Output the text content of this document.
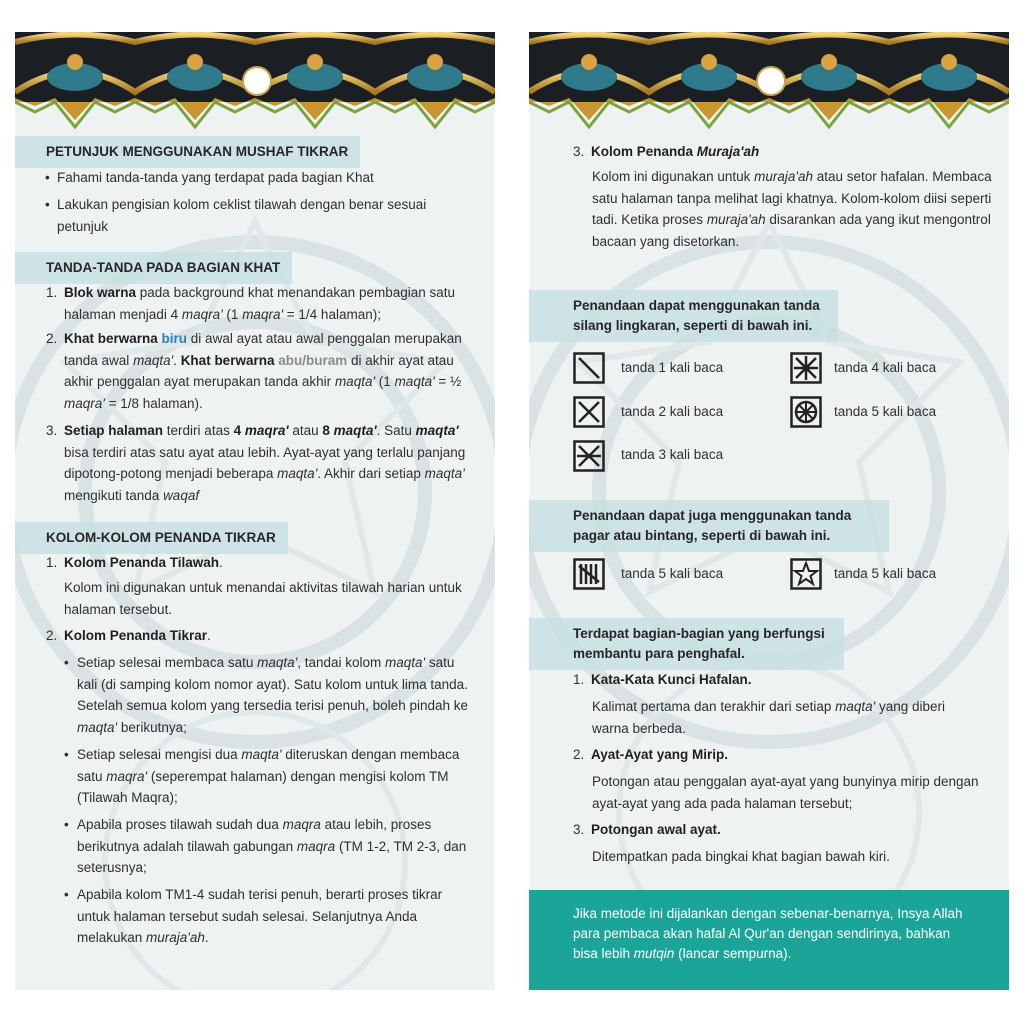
PETUNJUK MENGGUNAKAN MUSHAF TIKRAR
• Fahami tanda-tanda yang terdapat pada bagian Khat
• Lakukan pengisian kolom ceklist tilawah dengan benar sesuai petunjuk
TANDA-TANDA PADA BAGIAN KHAT
1. Blok warna pada background khat menandakan pembagian satu halaman menjadi 4 maqra' (1 maqra' = 1/4 halaman);
2. Khat berwarna biru di awal ayat atau awal penggalan merupakan tanda awal maqta'. Khat berwarna abu/buram di akhir ayat atau akhir penggalan ayat merupakan tanda akhir maqta' (1 maqta' = ½ maqra' = 1/8 halaman).
3. Setiap halaman terdiri atas 4 maqra' atau 8 maqta'. Satu maqta' bisa terdiri atas satu ayat atau lebih. Ayat-ayat yang terlalu panjang dipotong-potong menjadi beberapa maqta'. Akhir dari setiap maqta' mengikuti tanda waqaf
KOLOM-KOLOM PENANDA TIKRAR
1. Kolom Penanda Tilawah.
Kolom ini digunakan untuk menandai aktivitas tilawah harian untuk halaman tersebut.
2. Kolom Penanda Tikrar.
• Setiap selesai membaca satu maqta', tandai kolom maqta' satu kali (di samping kolom nomor ayat). Satu kolom untuk lima tanda. Setelah semua kolom yang tersedia terisi penuh, boleh pindah ke maqta' berikutnya;
• Setiap selesai mengisi dua maqta' diteruskan dengan membaca satu maqra' (seperempat halaman) dengan mengisi kolom TM (Tilawah Maqra);
• Apabila proses tilawah sudah dua maqra atau lebih, proses berikutnya adalah tilawah gabungan maqra (TM 1-2, TM 2-3, dan seterusnya;
• Apabila kolom TM1-4 sudah terisi penuh, berarti proses tikrar untuk halaman tersebut sudah selesai. Selanjutnya Anda melakukan muraja'ah.
3. Kolom Penanda Muraja'ah
Kolom ini digunakan untuk muraja'ah atau setor hafalan. Membaca satu halaman tanpa melihat lagi khatnya. Kolom-kolom diisi seperti tadi. Ketika proses muraja'ah disarankan ada yang ikut mengontrol bacaan yang disetorkan.
Penandaan dapat menggunakan tanda silang lingkaran, seperti di bawah ini.
tanda 1 kali baca	tanda 4 kali baca
tanda 2 kali baca	tanda 5 kali baca
tanda 3 kali baca
Penandaan dapat juga menggunakan tanda pagar atau bintang, seperti di bawah ini.
tanda 5 kali baca	tanda 5 kali baca
Terdapat bagian-bagian yang berfungsi membantu para penghafal.
1. Kata-Kata Kunci Hafalan.
Kalimat pertama dan terakhir dari setiap maqta' yang diberi warna berbeda.
2. Ayat-Ayat yang Mirip.
Potongan atau penggalan ayat-ayat yang bunyinya mirip dengan ayat-ayat yang ada pada halaman tersebut;
3. Potongan awal ayat.
Ditempatkan pada bingkai khat bagian bawah kiri.
Jika metode ini dijalankan dengan sebenar-benarnya, Insya Allah para pembaca akan hafal Al Qur'an dengan sendirinya, bahkan bisa lebih mutqin (lancar sempurna).
